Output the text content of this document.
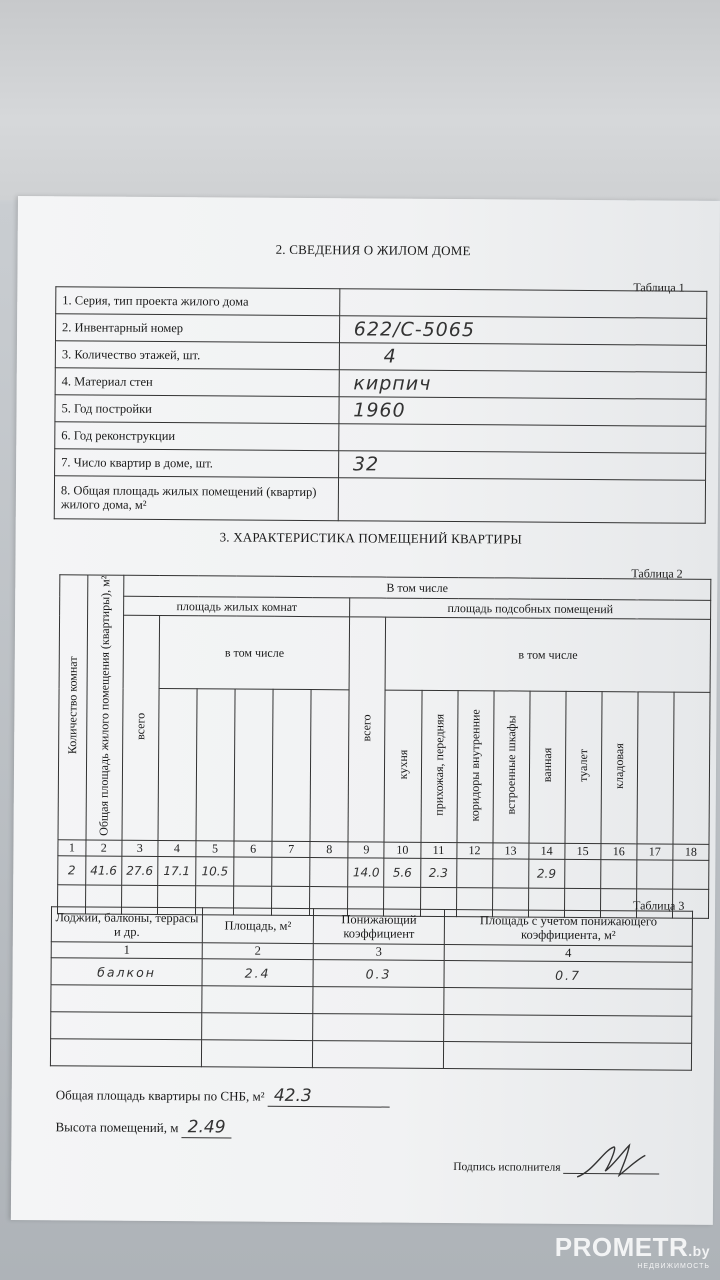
2. СВЕДЕНИЯ О ЖИЛОМ ДОМЕ
Таблица 1
1. Серия, тип проекта жилого дома	
2. Инвентарный номер	622/С-5065
3. Количество этажей, шт.	4
4. Материал стен	кирпич
5. Год постройки	1960
6. Год реконструкции	
7. Число квартир в доме, шт.	32
8. Общая площадь жилых помещений (квартир) жилого дома, м²	
3. ХАРАКТЕРИСТИКА ПОМЕЩЕНИЙ КВАРТИРЫ
Таблица 2
Количество комнат	Общая площадь жилого помещения (квартиры), м²	В том числе															
		площадь жилых комнат						площадь подсобных помещений									
		всего	в том числе					всего	в том числе								
									кухня	прихожая, передняя	коридоры внутренние	встроенные шкафы	ванная	туалет	кладовая		
1	2	3	4	5	6	7	8	9	10	11	12	13	14	15	16	17	18
2	41.6	27.6	17.1	10.5				14.0	5.6	2.3			2.9				

Таблица 3
Лоджии, балконы, террасы и др.	Площадь, м²	Понижающий коэффициент	Площадь с учетом понижающего коэффициента, м²
1	2	3	4
балкон	2.4	0.3	0.7

Общая площадь квартиры по СНБ, м² 42.3
Высота помещений, м 2.49
Подпись исполнителя
PROMETR.by
НЕДВИЖИМОСТЬ
